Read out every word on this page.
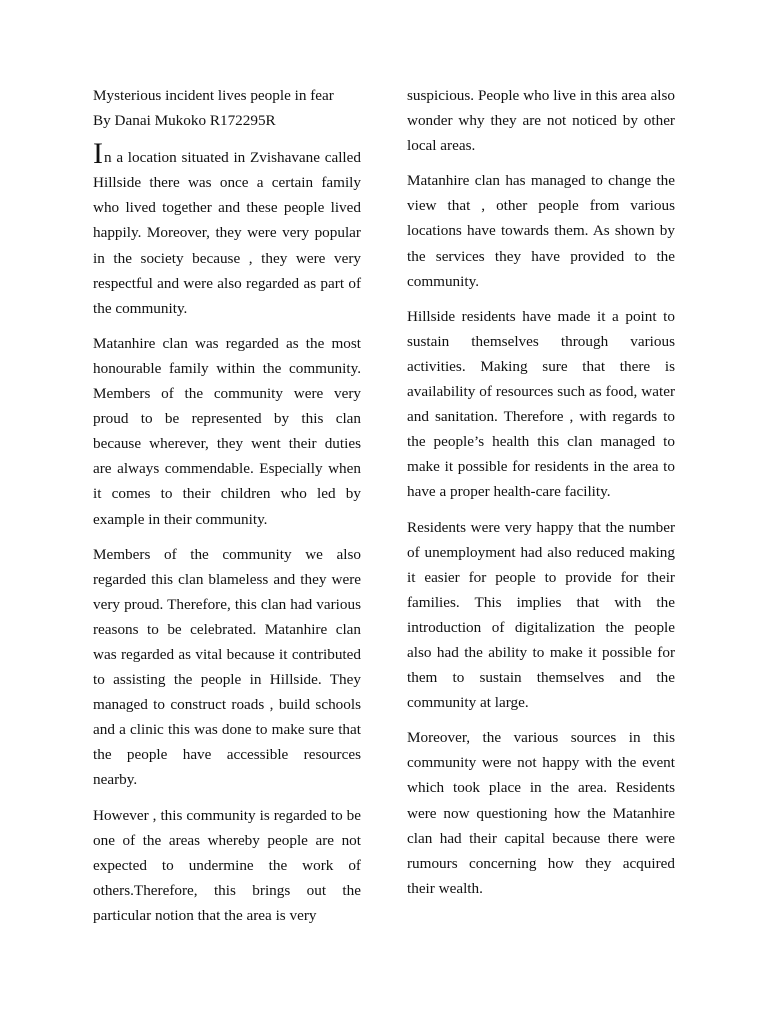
Mysterious incident lives people in fear

By Danai Mukoko R172295R

In a location situated in Zvishavane called Hillside there was once a certain family who lived together and these people lived happily. Moreover, they were very popular in the society because , they were very respectful and were also regarded as part of the community.

Matanhire clan was regarded as the most honourable family within the community. Members of the community were very proud to be represented by this clan because wherever, they went their duties are always commendable. Especially when it comes to their children who led by example in their community.

Members of the community we also regarded this clan blameless and they were very proud. Therefore, this clan had various reasons to be celebrated. Matanhire clan was regarded as vital because it contributed to assisting the people in Hillside. They managed to construct roads , build schools and a clinic this was done to make sure that the people have accessible resources nearby.

However , this community is regarded to be one of the areas whereby people are not expected to undermine the work of others.Therefore, this brings out the particular notion that the area is very

suspicious. People who live in this area also wonder why they are not noticed by other local areas.

Matanhire clan has managed to change the view that , other people from various locations have towards them. As shown by the services they have provided to the community.

Hillside residents have made it a point to sustain themselves through various activities. Making sure that there is availability of resources such as food, water and sanitation. Therefore , with regards to the people’s health this clan managed to make it possible for residents in the area to have a proper health-care facility.

Residents were very happy that the number of unemployment had also reduced making it easier for people to provide for their families. This implies that with the introduction of digitalization the people also had the ability to make it possible for them to sustain themselves and the community at large.

Moreover, the various sources in this community were not happy with the event which took place in the area. Residents were now questioning how the Matanhire clan had their capital because there were rumours concerning how they acquired their wealth.
